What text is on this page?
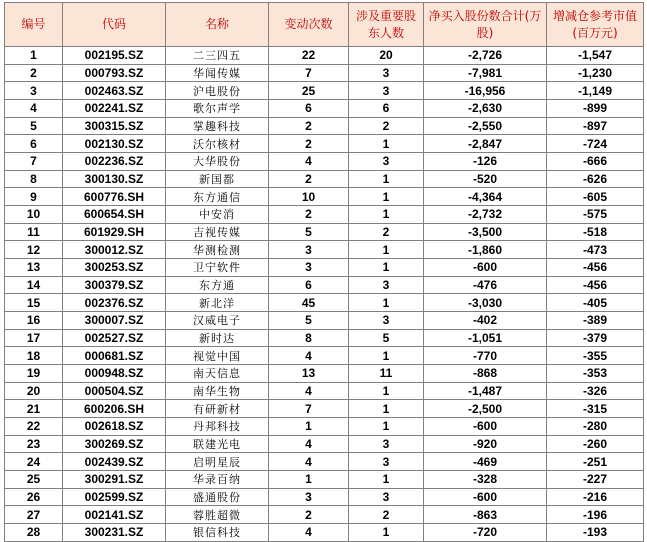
编号	代码	名称	变动次数	涉及重要股东人数	净买入股份数合计(万股)	增减仓参考市值(百万元)
1	002195.SZ	二三四五	22	20	-2,726	-1,547
2	000793.SZ	华闻传媒	7	3	-7,981	-1,230
3	002463.SZ	沪电股份	25	3	-16,956	-1,149
4	002241.SZ	歌尔声学	6	6	-2,630	-899
5	300315.SZ	掌趣科技	2	2	-2,550	-897
6	002130.SZ	沃尔核材	2	1	-2,847	-724
7	002236.SZ	大华股份	4	3	-126	-666
8	300130.SZ	新国都	2	1	-520	-626
9	600776.SH	东方通信	10	1	-4,364	-605
10	600654.SH	中安消	2	1	-2,732	-575
11	601929.SH	吉视传媒	5	2	-3,500	-518
12	300012.SZ	华测检测	3	1	-1,860	-473
13	300253.SZ	卫宁软件	3	1	-600	-456
14	300379.SZ	东方通	6	3	-476	-456
15	002376.SZ	新北洋	45	1	-3,030	-405
16	300007.SZ	汉威电子	5	3	-402	-389
17	002527.SZ	新时达	8	5	-1,051	-379
18	000681.SZ	视觉中国	4	1	-770	-355
19	000948.SZ	南天信息	13	11	-868	-353
20	000504.SZ	南华生物	4	1	-1,487	-326
21	600206.SH	有研新材	7	1	-2,500	-315
22	002618.SZ	丹邦科技	1	1	-600	-280
23	300269.SZ	联建光电	4	3	-920	-260
24	002439.SZ	启明星辰	4	3	-469	-251
25	300291.SZ	华录百纳	1	1	-328	-227
26	002599.SZ	盛通股份	3	3	-600	-216
27	002141.SZ	蓉胜超微	2	2	-863	-196
28	300231.SZ	银信科技	4	1	-720	-193
